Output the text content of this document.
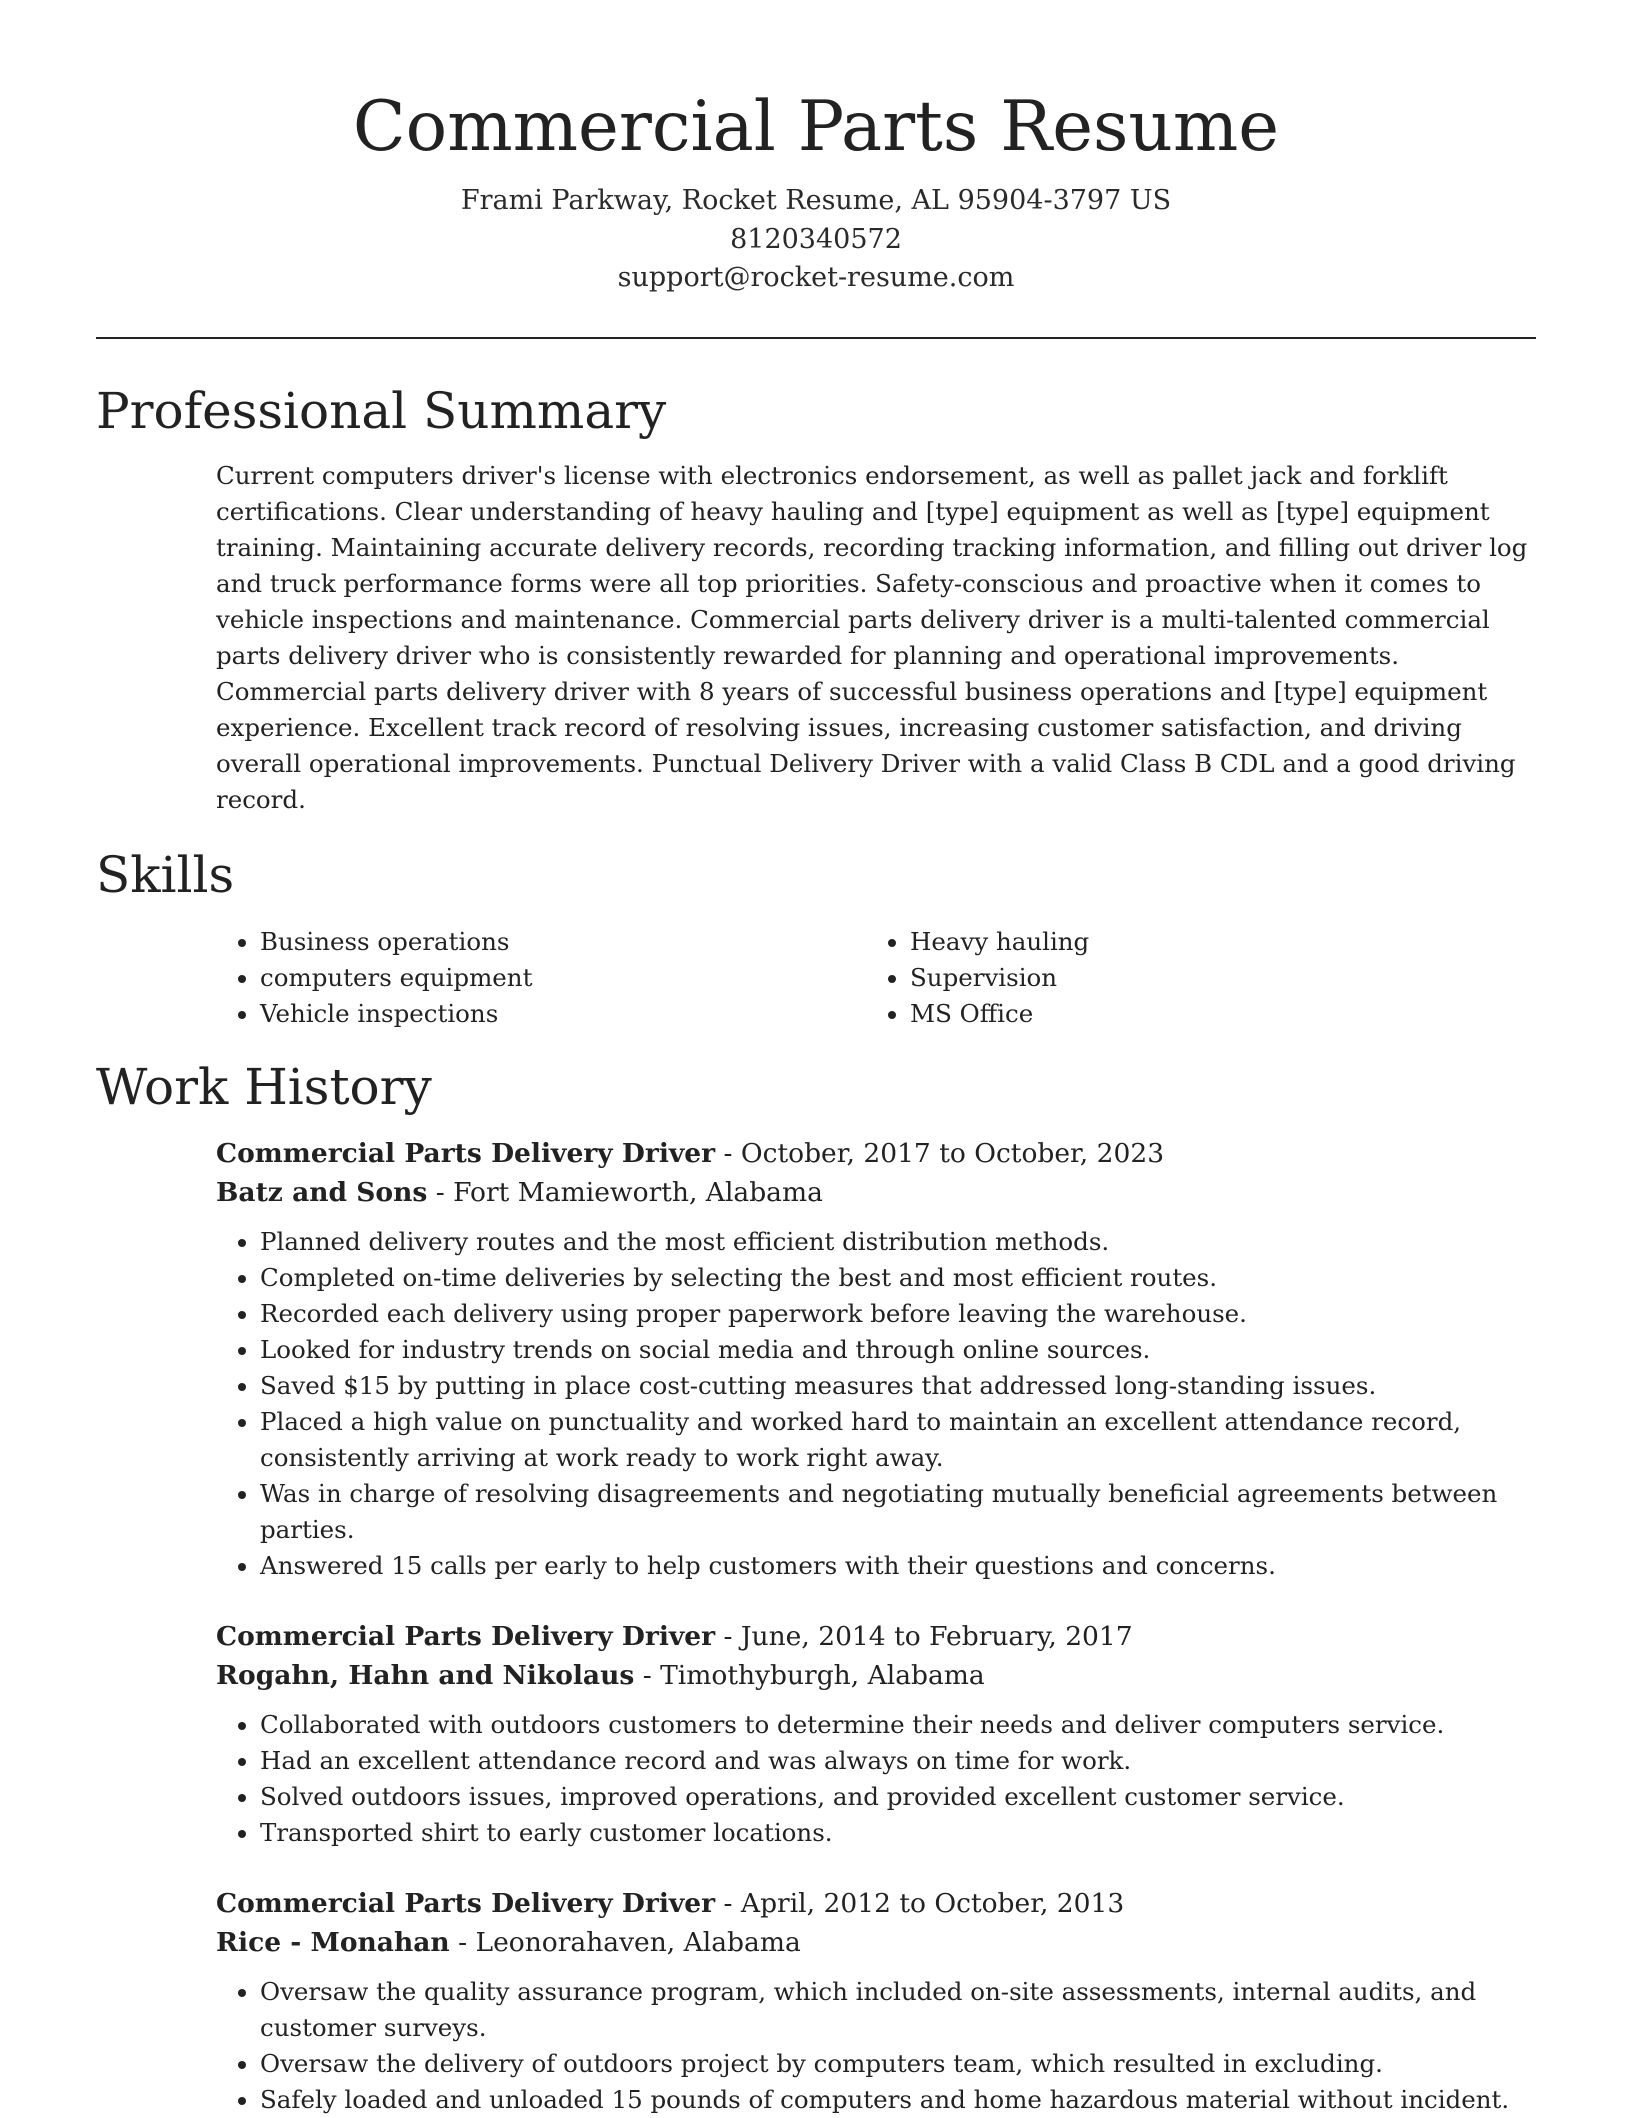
Commercial Parts Resume
Frami Parkway, Rocket Resume, AL 95904-3797 US
8120340572
support@rocket-resume.com
Professional Summary
Current computers driver's license with electronics endorsement, as well as pallet jack and forklift certifications. Clear understanding of heavy hauling and [type] equipment as well as [type] equipment training. Maintaining accurate delivery records, recording tracking information, and filling out driver log and truck performance forms were all top priorities. Safety-conscious and proactive when it comes to vehicle inspections and maintenance. Commercial parts delivery driver is a multi-talented commercial parts delivery driver who is consistently rewarded for planning and operational improvements. Commercial parts delivery driver with 8 years of successful business operations and [type] equipment experience. Excellent track record of resolving issues, increasing customer satisfaction, and driving overall operational improvements. Punctual Delivery Driver with a valid Class B CDL and a good driving record.
Skills
• Business operations
• computers equipment
• Vehicle inspections
• Heavy hauling
• Supervision
• MS Office
Work History
Commercial Parts Delivery Driver - October, 2017 to October, 2023
Batz and Sons - Fort Mamieworth, Alabama
• Planned delivery routes and the most efficient distribution methods.
• Completed on-time deliveries by selecting the best and most efficient routes.
• Recorded each delivery using proper paperwork before leaving the warehouse.
• Looked for industry trends on social media and through online sources.
• Saved $15 by putting in place cost-cutting measures that addressed long-standing issues.
• Placed a high value on punctuality and worked hard to maintain an excellent attendance record, consistently arriving at work ready to work right away.
• Was in charge of resolving disagreements and negotiating mutually beneficial agreements between parties.
• Answered 15 calls per early to help customers with their questions and concerns.
Commercial Parts Delivery Driver - June, 2014 to February, 2017
Rogahn, Hahn and Nikolaus - Timothyburgh, Alabama
• Collaborated with outdoors customers to determine their needs and deliver computers service.
• Had an excellent attendance record and was always on time for work.
• Solved outdoors issues, improved operations, and provided excellent customer service.
• Transported shirt to early customer locations.
Commercial Parts Delivery Driver - April, 2012 to October, 2013
Rice - Monahan - Leonorahaven, Alabama
• Oversaw the quality assurance program, which included on-site assessments, internal audits, and customer surveys.
• Oversaw the delivery of outdoors project by computers team, which resulted in excluding.
• Safely loaded and unloaded 15 pounds of computers and home hazardous material without incident.
